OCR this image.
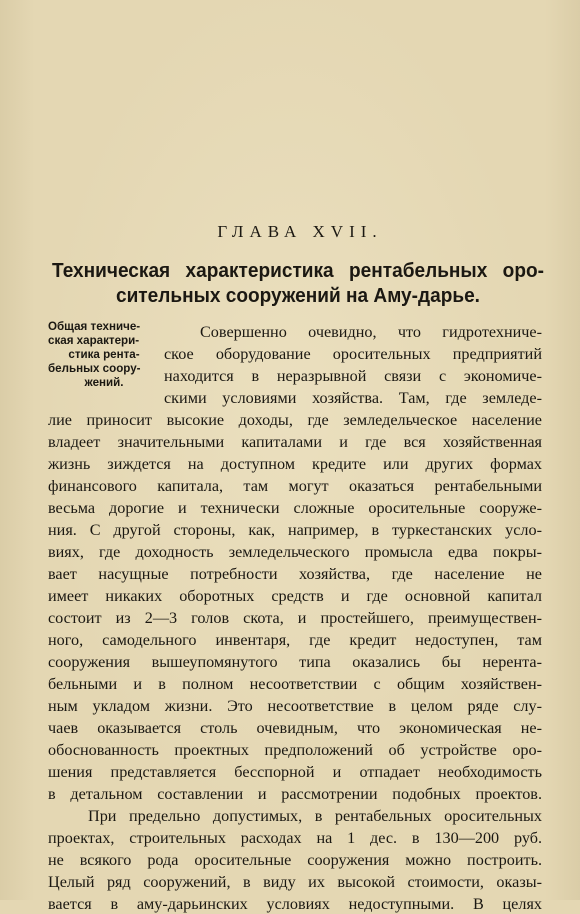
ГЛАВА XVII.
Техническая характеристика рентабельных оро-
сительных сооружений на Аму-дарье.
Общая техниче-
ская характери-
стика рента-
бельных соору-
жений.
Совершенно очевидно, что гидротехниче-
ское оборудование оросительных предприятий
находится в неразрывной связи с экономиче-
скими условиями хозяйства. Там, где земледе-
лие приносит высокие доходы, где земледельческое население
владеет значительными капиталами и где вся хозяйственная
жизнь зиждется на доступном кредите или других формах
финансового капитала, там могут оказаться рентабельными
весьма дорогие и технически сложные оросительные сооруже-
ния. С другой стороны, как, например, в туркестанских усло-
виях, где доходность земледельческого промысла едва покры-
вает насущные потребности хозяйства, где население не
имеет никаких оборотных средств и где основной капитал
состоит из 2—3 голов скота, и простейшего, преимуществен-
ного, самодельного инвентаря, где кредит недоступен, там
сооружения вышеупомянутого типа оказались бы нерента-
бельными и в полном несоответствии с общим хозяйствен-
ным укладом жизни. Это несоответствие в целом ряде слу-
чаев оказывается столь очевидным, что экономическая не-
обоснованность проектных предположений об устройстве оро-
шения представляется бесспорной и отпадает необходимость
в детальном составлении и рассмотрении подобных проектов.
При предельно допустимых, в рентабельных оросительных
проектах, строительных расходах на 1 дес. в 130—200 руб.
не всякого рода оросительные сооружения можно построить.
Целый ряд сооружений, в виду их высокой стоимости, оказы-
вается в аму-дарьинских условиях недоступными. В целях
